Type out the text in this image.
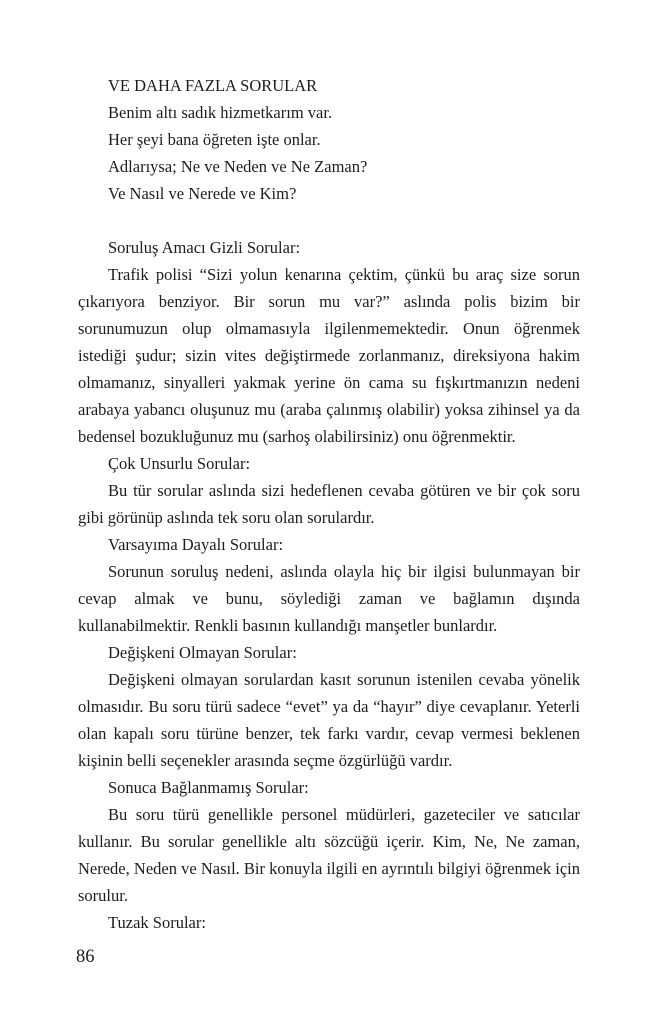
VE DAHA FAZLA SORULAR
Benim altı sadık hizmetkarım var.
Her şeyi bana öğreten işte onlar.
Adlarıysa; Ne ve Neden ve Ne Zaman?
Ve Nasıl ve Nerede ve Kim?

Soruluş Amacı Gizli Sorular:

Trafik polisi “Sizi yolun kenarına çektim, çünkü bu araç size sorun çıkarıyora benziyor. Bir sorun mu var?” aslında polis bizim bir sorunumuzun olup olmamasıyla ilgilenmemektedir. Onun öğrenmek istediği şudur; sizin vites değiştirmede zorlanmanız, direksiyona hakim olmamanız, sinyalleri yakmak yerine ön cama su fışkırtmanızın nedeni arabaya yabancı oluşunuz mu (araba çalınmış olabilir) yoksa zihinsel ya da bedensel bozukluğunuz mu (sarhoş olabilirsiniz) onu öğrenmektir.

Çok Unsurlu Sorular:

Bu tür sorular aslında sizi hedeflenen cevaba götüren ve bir çok soru gibi görünüp aslında tek soru olan sorulardır.

Varsayıma Dayalı Sorular:

Sorunun soruluş nedeni, aslında olayla hiç bir ilgisi bulunmayan bir cevap almak ve bunu, söylediği zaman ve bağlamın dışında kullanabilmektir. Renkli basının kullandığı manşetler bunlardır.

Değişkeni Olmayan Sorular:

Değişkeni olmayan sorulardan kasıt sorunun istenilen cevaba yönelik olmasıdır. Bu soru türü sadece “evet” ya da “hayır” diye cevaplanır. Yeterli olan kapalı soru türüne benzer, tek farkı vardır, cevap vermesi beklenen kişinin belli seçenekler arasında seçme özgürlüğü vardır.

Sonuca Bağlanmamış Sorular:

Bu soru türü genellikle personel müdürleri, gazeteciler ve satıcılar kullanır. Bu sorular genellikle altı sözcüğü içerir. Kim, Ne, Ne zaman, Nerede, Neden ve Nasıl. Bir konuyla ilgili en ayrıntılı bilgiyi öğrenmek için sorulur.

Tuzak Sorular:

86
